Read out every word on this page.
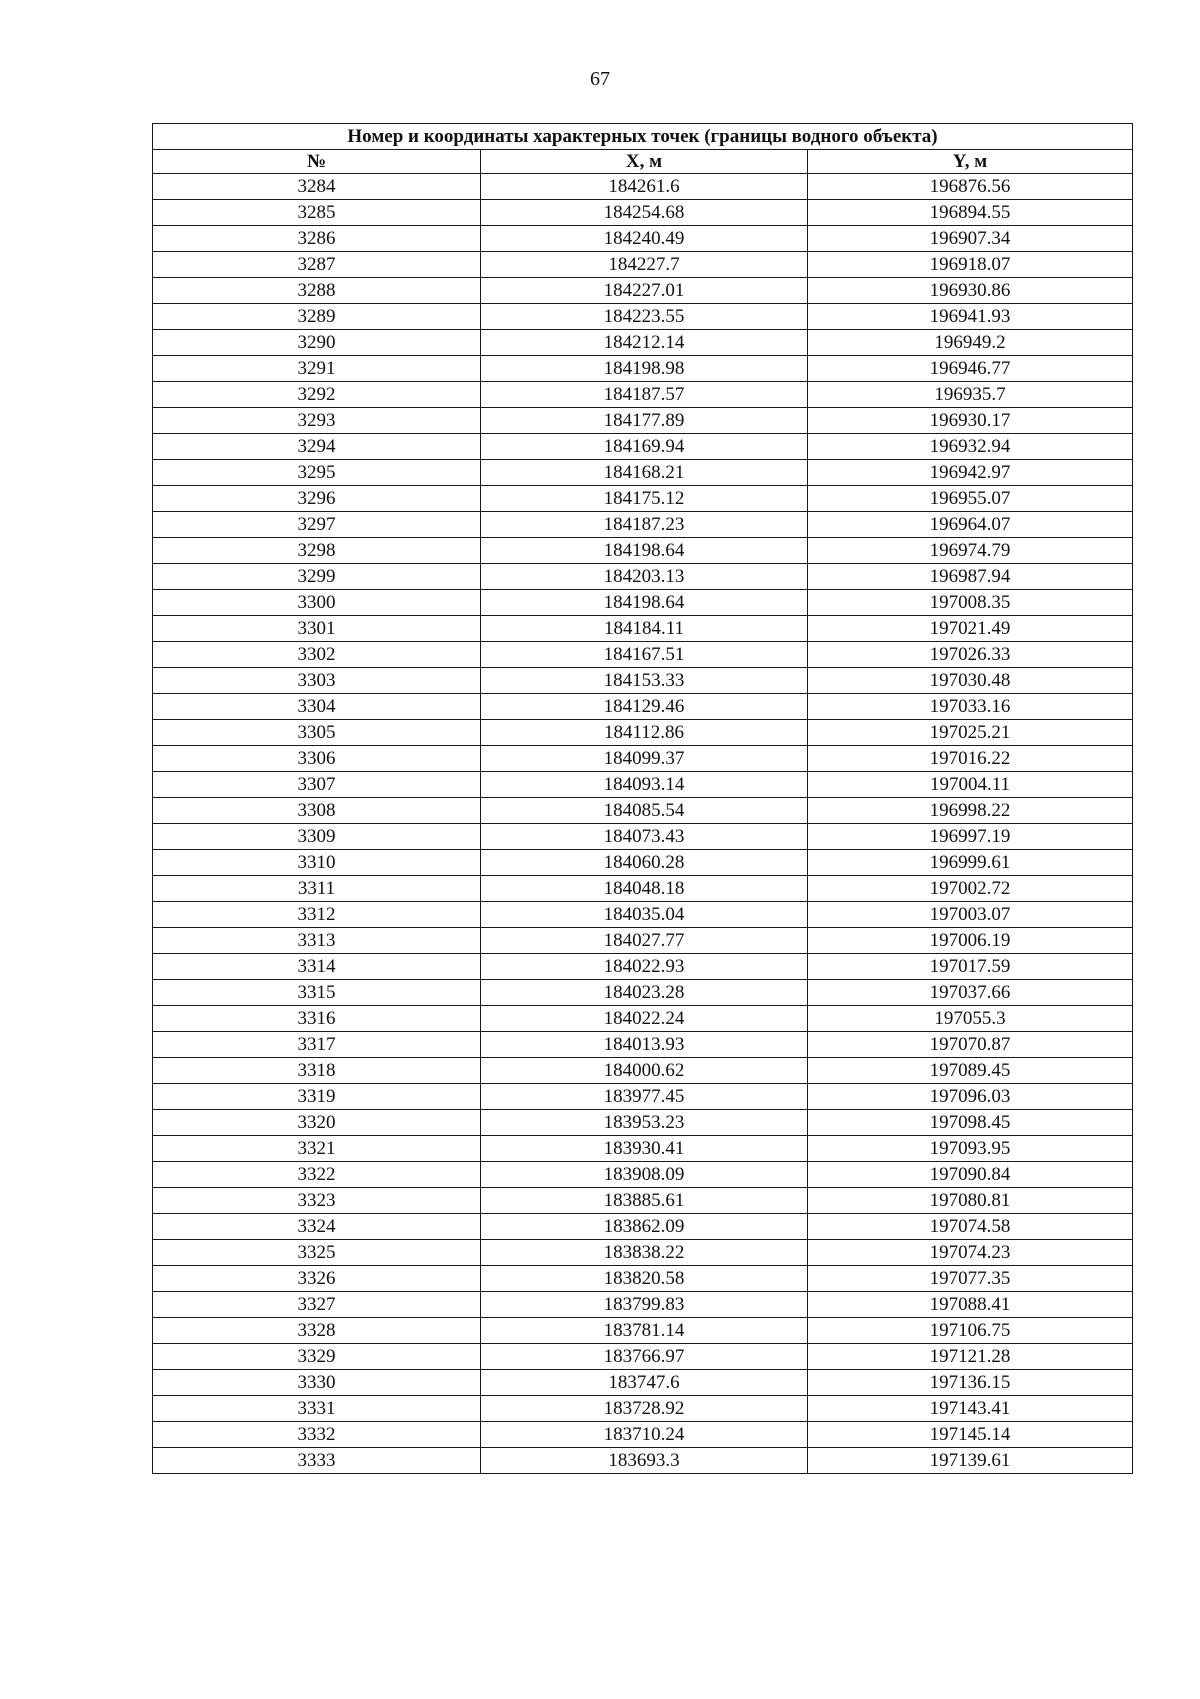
67
Номер и координаты характерных точек (границы водного объекта)		
№	X, м	Y, м
3284	184261.6	196876.56
3285	184254.68	196894.55
3286	184240.49	196907.34
3287	184227.7	196918.07
3288	184227.01	196930.86
3289	184223.55	196941.93
3290	184212.14	196949.2
3291	184198.98	196946.77
3292	184187.57	196935.7
3293	184177.89	196930.17
3294	184169.94	196932.94
3295	184168.21	196942.97
3296	184175.12	196955.07
3297	184187.23	196964.07
3298	184198.64	196974.79
3299	184203.13	196987.94
3300	184198.64	197008.35
3301	184184.11	197021.49
3302	184167.51	197026.33
3303	184153.33	197030.48
3304	184129.46	197033.16
3305	184112.86	197025.21
3306	184099.37	197016.22
3307	184093.14	197004.11
3308	184085.54	196998.22
3309	184073.43	196997.19
3310	184060.28	196999.61
3311	184048.18	197002.72
3312	184035.04	197003.07
3313	184027.77	197006.19
3314	184022.93	197017.59
3315	184023.28	197037.66
3316	184022.24	197055.3
3317	184013.93	197070.87
3318	184000.62	197089.45
3319	183977.45	197096.03
3320	183953.23	197098.45
3321	183930.41	197093.95
3322	183908.09	197090.84
3323	183885.61	197080.81
3324	183862.09	197074.58
3325	183838.22	197074.23
3326	183820.58	197077.35
3327	183799.83	197088.41
3328	183781.14	197106.75
3329	183766.97	197121.28
3330	183747.6	197136.15
3331	183728.92	197143.41
3332	183710.24	197145.14
3333	183693.3	197139.61
